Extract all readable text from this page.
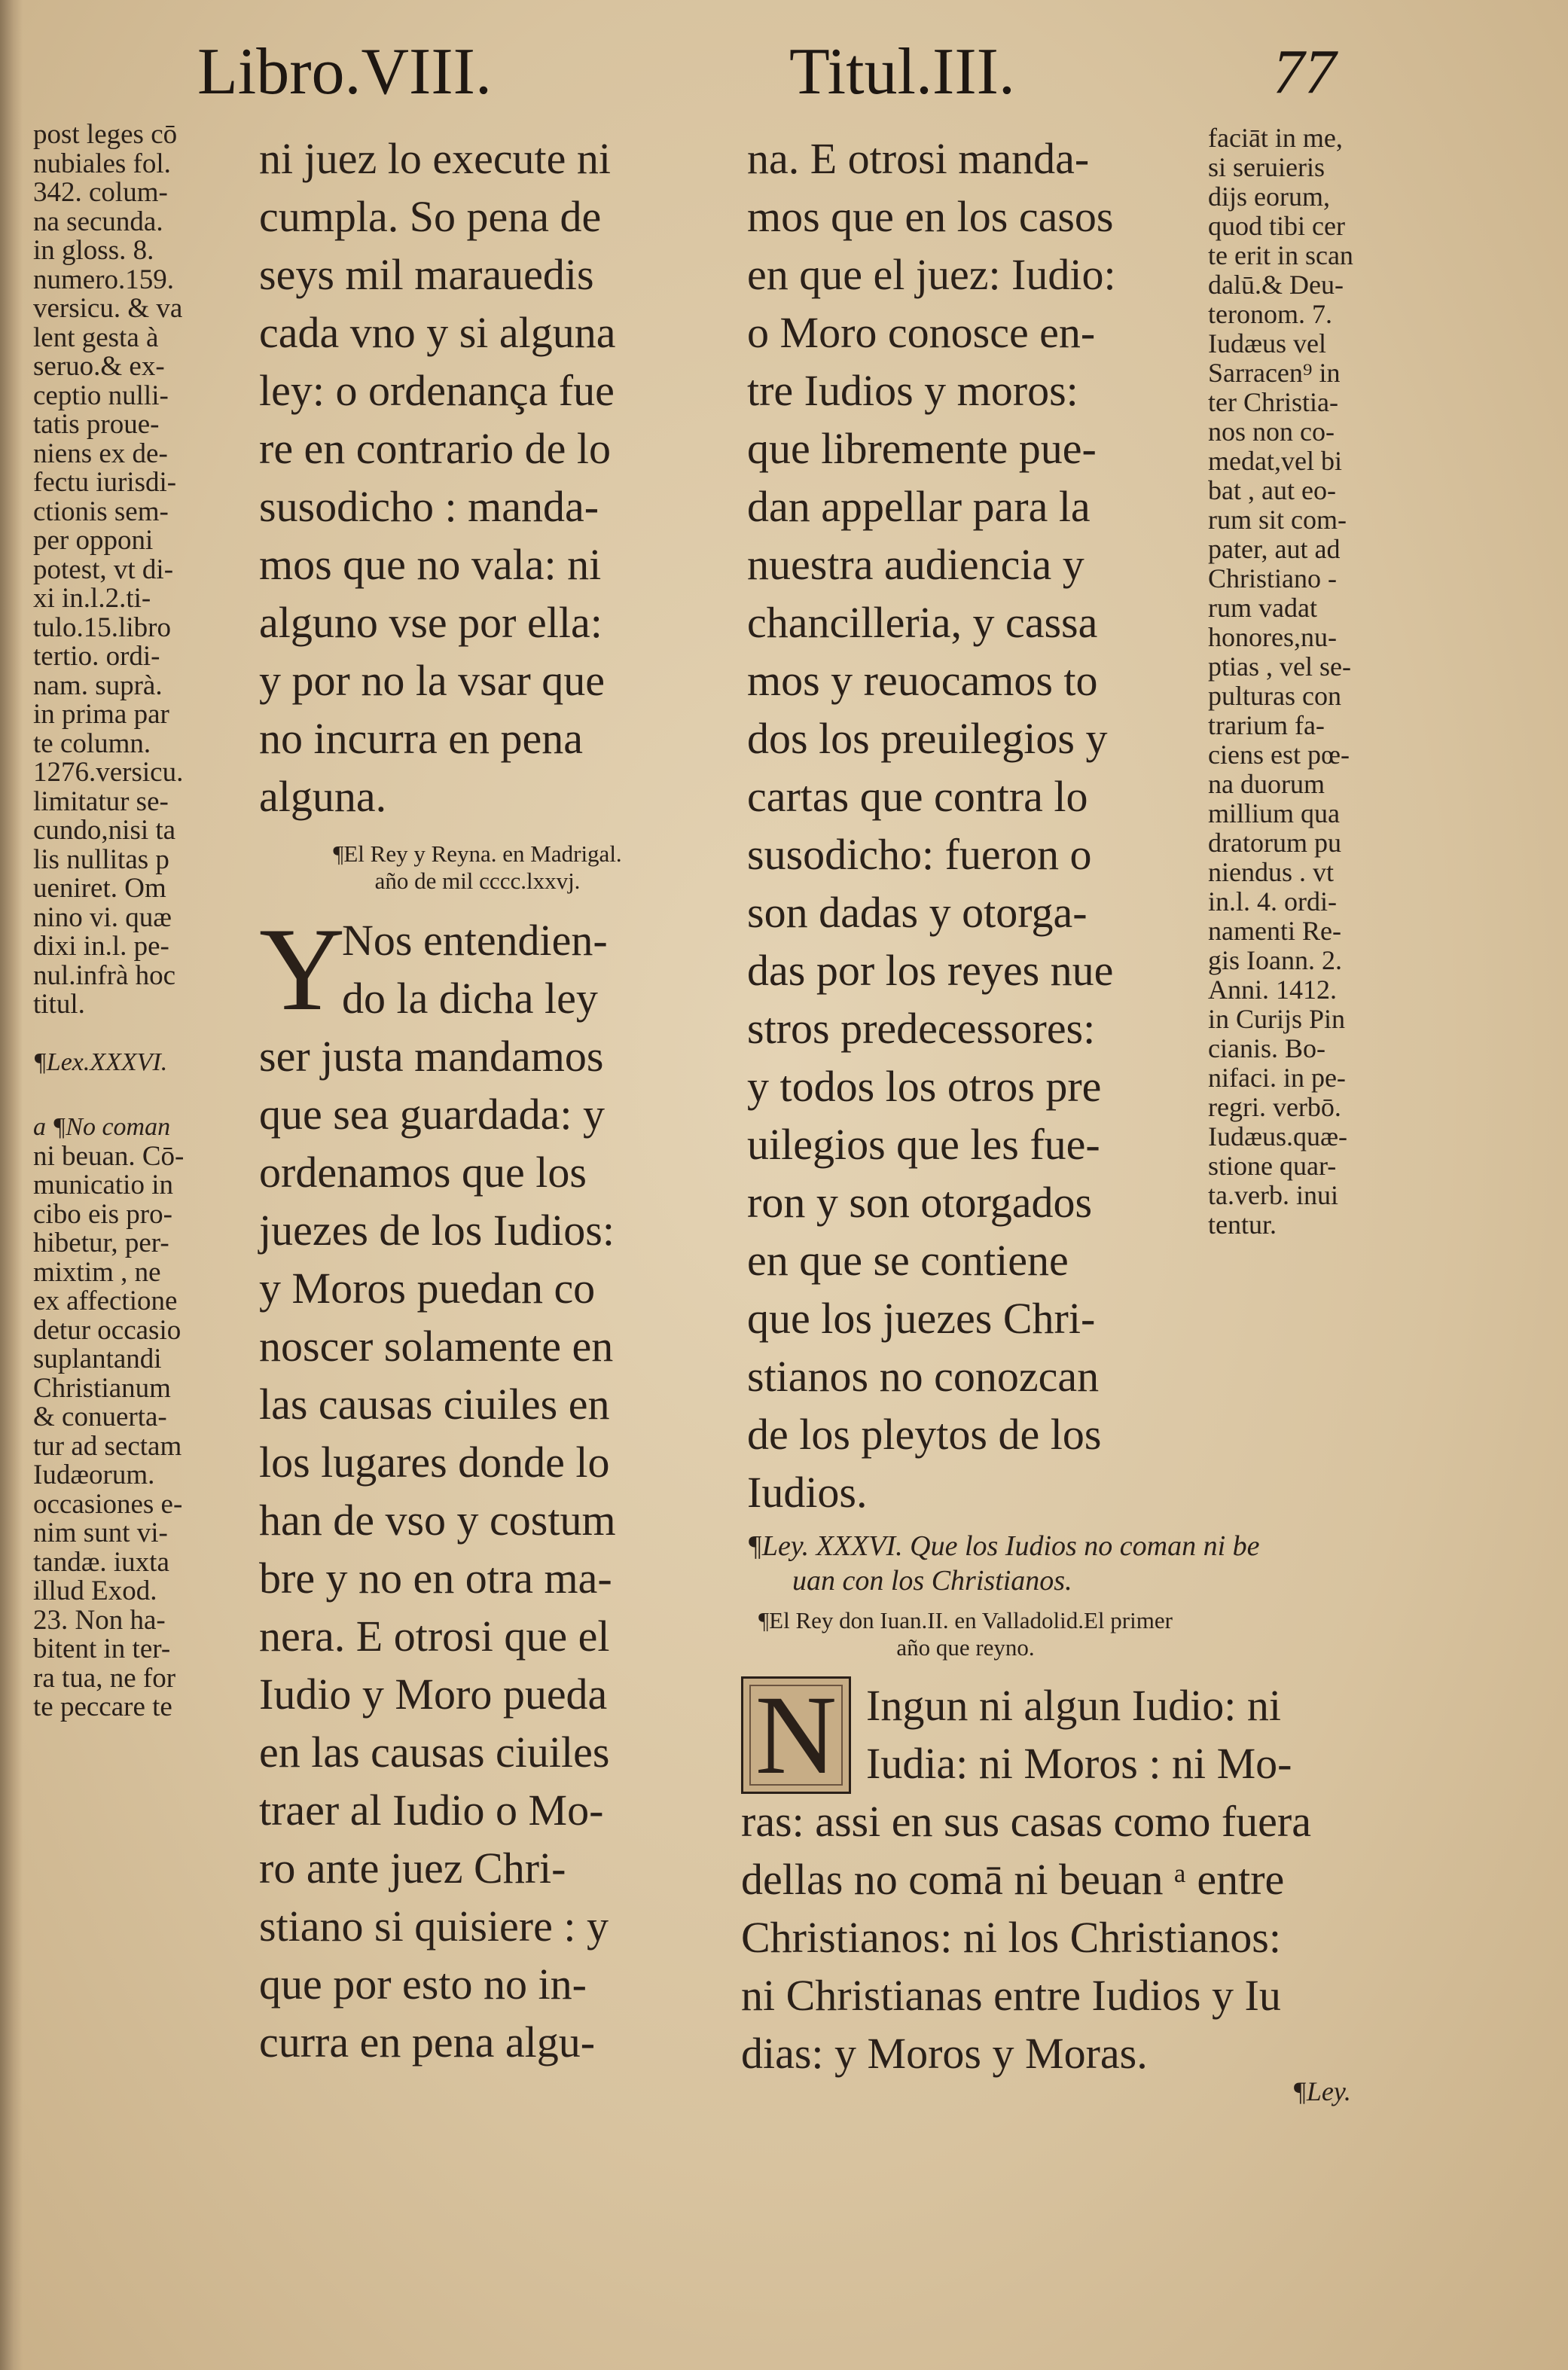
Libro.VIII.	Titul.III.	77
post leges cō
nubiales fol.
342. colum-
na secunda.
in gloss. 8.
numero.159.
versicu. & va
lent gesta à
seruo.& ex-
ceptio nulli-
tatis proue-
niens ex de-
fectu iurisdi-
ctionis sem-
per opponi
potest, vt di-
xi in.l.2.ti-
tulo.15.libro
tertio. ordi-
nam. suprà.
in prima par
te column.
1276.versicu.
limitatur se-
cundo,nisi ta
lis nullitas p
ueniret. Om
nino vi. quæ
dixi in.l. pe-
nul.infrà hoc
titul.
¶Lex.XXXVI.
a ¶No coman
ni beuan. Cō-
municatio in
cibo eis pro-
hibetur, per-
mixtim , ne
ex affectione
detur occasio
suplantandi
Christianum
& conuerta-
tur ad sectam
Iudæorum.
occasiones e-
nim sunt vi-
tandæ. iuxta
illud Exod.
23. Non ha-
bitent in ter-
ra tua, ne for
te peccare te
ni juez lo execute ni
cumpla. So pena de
seys mil marauedis
cada vno y si alguna
ley: o ordenança fue
re en contrario de lo
susodicho : manda-
mos que no vala: ni
alguno vse por ella:
y por no la vsar que
no incurra en pena
alguna.
¶El Rey y Reyna. en Madrigal.
año de mil cccc.lxxvj.
Y
Nos entendien-
do la dicha ley
ser justa mandamos
que sea guardada: y
ordenamos que los
juezes de los Iudios:
y Moros puedan co
noscer solamente en
las causas ciuiles en
los lugares donde lo
han de vso y costum
bre y no en otra ma-
nera. E otrosi que el
Iudio y Moro pueda
en las causas ciuiles
traer al Iudio o Mo-
ro ante juez Chri-
stiano si quisiere : y
que por esto no in-
curra en pena algu-
na. E otrosi manda-
mos que en los casos
en que el juez: Iudio:
o Moro conosce en-
tre Iudios y moros:
que libremente pue-
dan appellar para la
nuestra audiencia y
chancilleria, y cassa
mos y reuocamos to
dos los preuilegios y
cartas que contra lo
susodicho: fueron o
son dadas y otorga-
das por los reyes nue
stros predecessores:
y todos los otros pre
uilegios que les fue-
ron y son otorgados
en que se contiene
que los juezes Chri-
stianos no conozcan
de los pleytos de los
Iudios.
¶Ley. XXXVI. Que los Iudios no coman ni be
uan con los Christianos.
¶El Rey don Iuan.II. en Valladolid.El primer
año que reyno.
faciāt in me,
si seruieris
dijs eorum,
quod tibi cer
te erit in scan
dalū.& Deu-
teronom. 7.
Iudæus vel
Sarracen⁹ in
ter Christia-
nos non co-
medat,vel bi
bat , aut eo-
rum sit com-
pater, aut ad
Christiano -
rum vadat
honores,nu-
ptias , vel se-
pulturas con
trarium fa-
ciens est pœ-
na duorum
millium qua
dratorum pu
niendus . vt
in.l. 4. ordi-
namenti Re-
gis Ioann. 2.
Anni. 1412.
in Curijs Pin
cianis. Bo-
nifaci. in pe-
regri. verbō.
Iudæus.quæ-
stione quar-
ta.verb. inui
tentur.
N Ingun ni algun Iudio: ni
Iudia: ni Moros : ni Mo-
ras: assi en sus casas como fuera
dellas no comā ni beuan ᵃ entre
Christianos: ni los Christianos:
ni Christianas entre Iudios y Iu
dias: y Moros y Moras.
¶Ley.
